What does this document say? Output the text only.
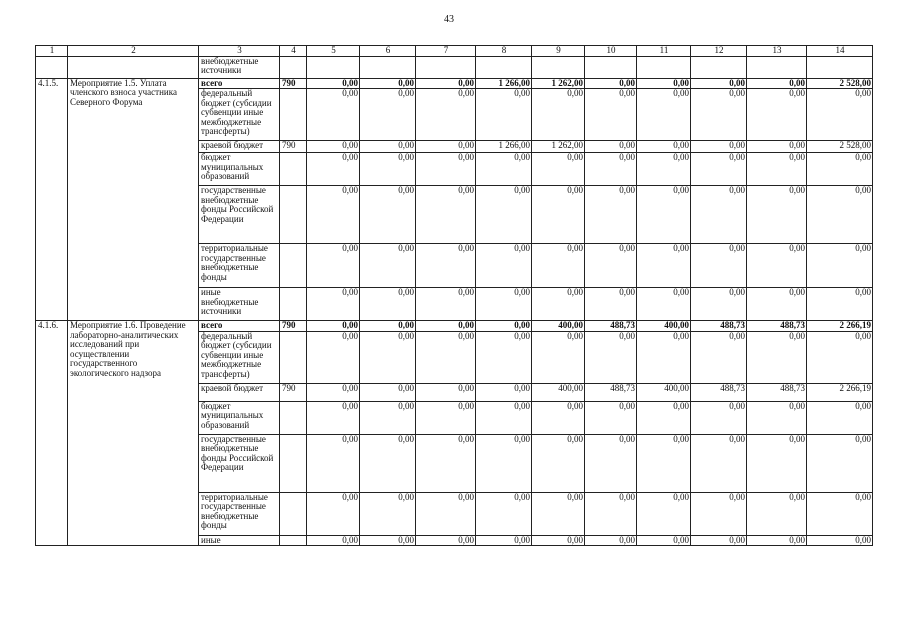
43
1	2	3	4	5	6	7	8	9	10	11	12	13	14
		внебюджетные источники											
4.1.5.	Мероприятие 1.5. Уплата членского взноса участника Северного Форума	всего	790	0,00	0,00	0,00	1 266,00	1 262,00	0,00	0,00	0,00	0,00	2 528,00
		федеральный бюджет (субсидии субвенции иные межбюджетные трансферты)		0,00	0,00	0,00	0,00	0,00	0,00	0,00	0,00	0,00	0,00
		краевой бюджет	790	0,00	0,00	0,00	1 266,00	1 262,00	0,00	0,00	0,00	0,00	2 528,00
		бюджет муниципальных образований		0,00	0,00	0,00	0,00	0,00	0,00	0,00	0,00	0,00	0,00
		государственные внебюджетные фонды Российской Федерации		0,00	0,00	0,00	0,00	0,00	0,00	0,00	0,00	0,00	0,00
		территориальные государственные внебюджетные фонды		0,00	0,00	0,00	0,00	0,00	0,00	0,00	0,00	0,00	0,00
		иные внебюджетные источники		0,00	0,00	0,00	0,00	0,00	0,00	0,00	0,00	0,00	0,00
4.1.6.	Мероприятие 1.6. Проведение лабораторно-аналитических исследований при осуществлении государственного экологического надзора	всего	790	0,00	0,00	0,00	0,00	400,00	488,73	400,00	488,73	488,73	2 266,19
		федеральный бюджет (субсидии субвенции иные межбюджетные трансферты)		0,00	0,00	0,00	0,00	0,00	0,00	0,00	0,00	0,00	0,00
		краевой бюджет	790	0,00	0,00	0,00	0,00	400,00	488,73	400,00	488,73	488,73	2 266,19
		бюджет муниципальных образований		0,00	0,00	0,00	0,00	0,00	0,00	0,00	0,00	0,00	0,00
		государственные внебюджетные фонды Российской Федерации		0,00	0,00	0,00	0,00	0,00	0,00	0,00	0,00	0,00	0,00
		территориальные государственные внебюджетные фонды		0,00	0,00	0,00	0,00	0,00	0,00	0,00	0,00	0,00	0,00
		иные		0,00	0,00	0,00	0,00	0,00	0,00	0,00	0,00	0,00	0,00
